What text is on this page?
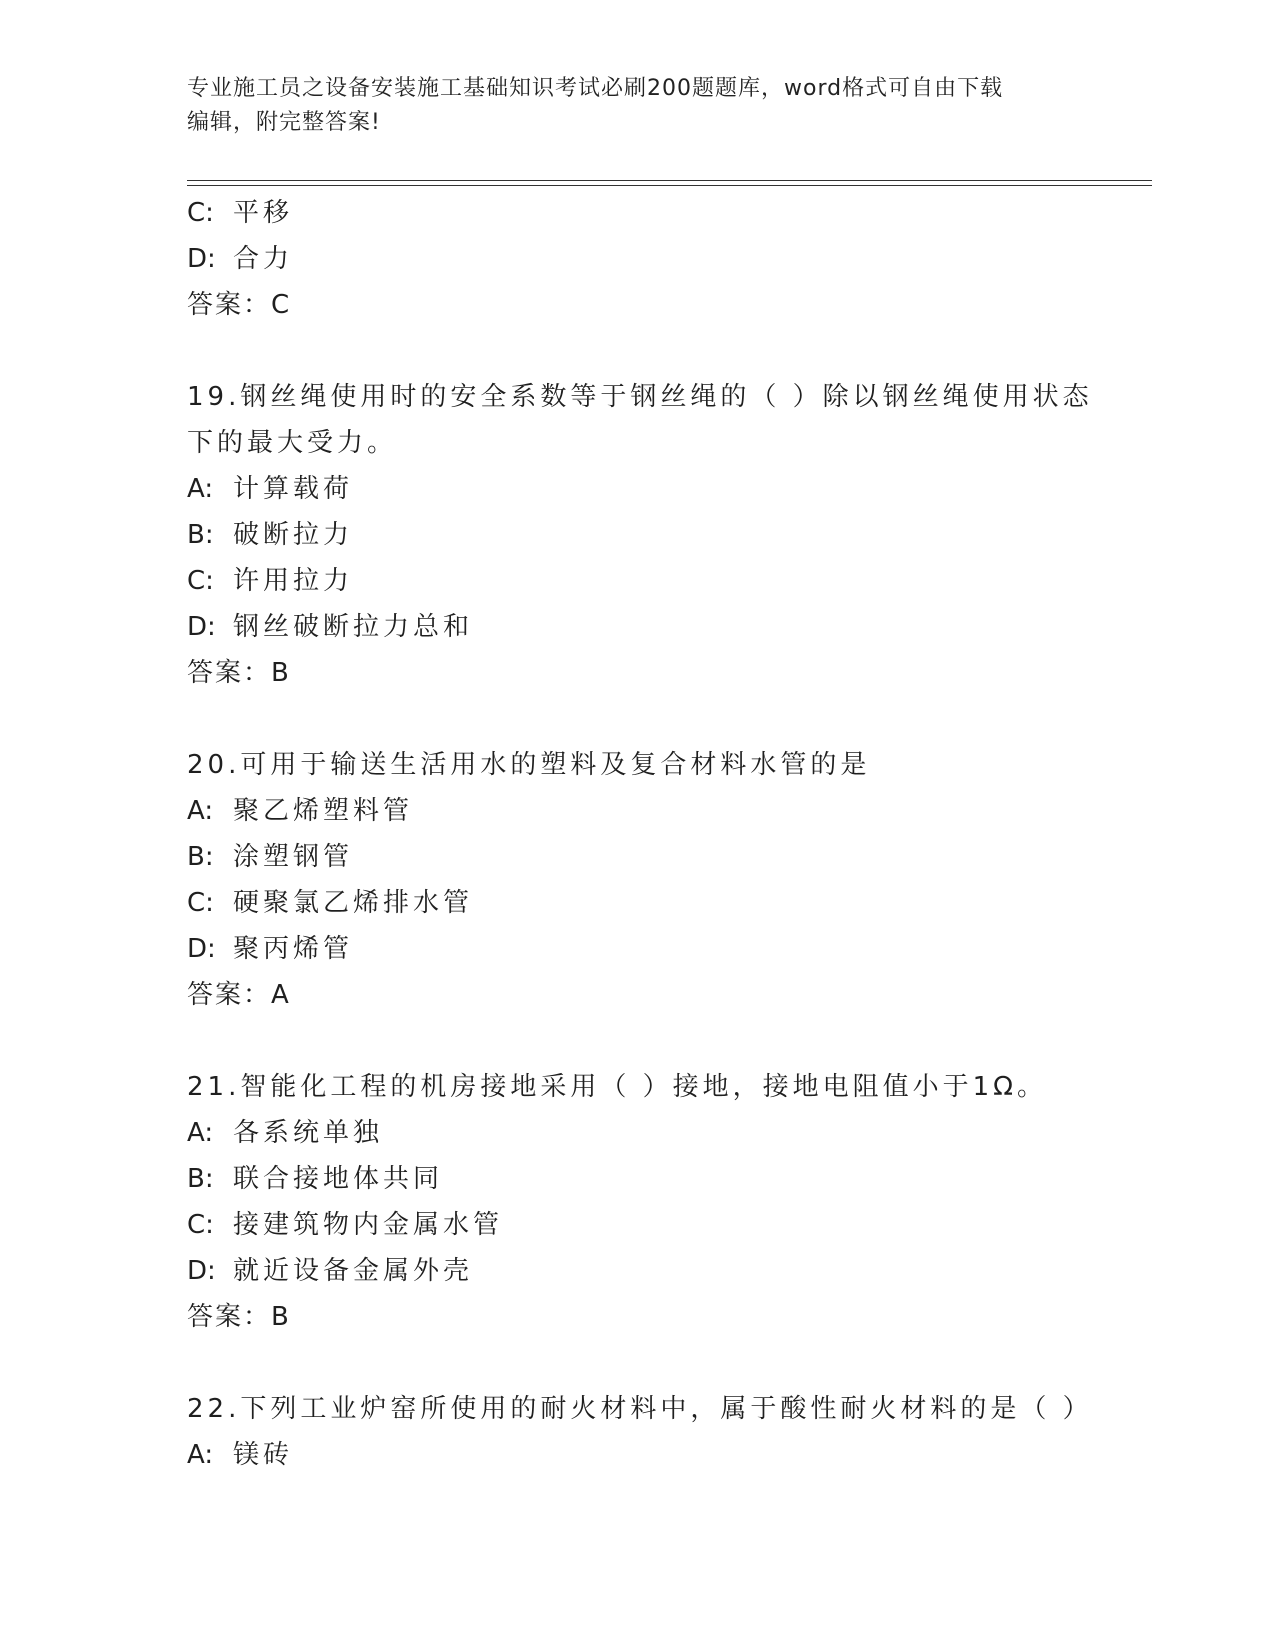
专业施工员之设备安装施工基础知识考试必刷200题题库，word格式可自由下载
编辑，附完整答案!
C: 平移
D: 合力
答案：C
19.钢丝绳使用时的安全系数等于钢丝绳的（ ）除以钢丝绳使用状态
下的最大受力。
A: 计算载荷
B: 破断拉力
C: 许用拉力
D: 钢丝破断拉力总和
答案：B
20.可用于输送生活用水的塑料及复合材料水管的是
A: 聚乙烯塑料管
B: 涂塑钢管
C: 硬聚氯乙烯排水管
D: 聚丙烯管
答案：A
21.智能化工程的机房接地采用（ ）接地，接地电阻值小于1Ω。
A: 各系统单独
B: 联合接地体共同
C: 接建筑物内金属水管
D: 就近设备金属外壳
答案：B
22.下列工业炉窑所使用的耐火材料中，属于酸性耐火材料的是（ ）
A: 镁砖
